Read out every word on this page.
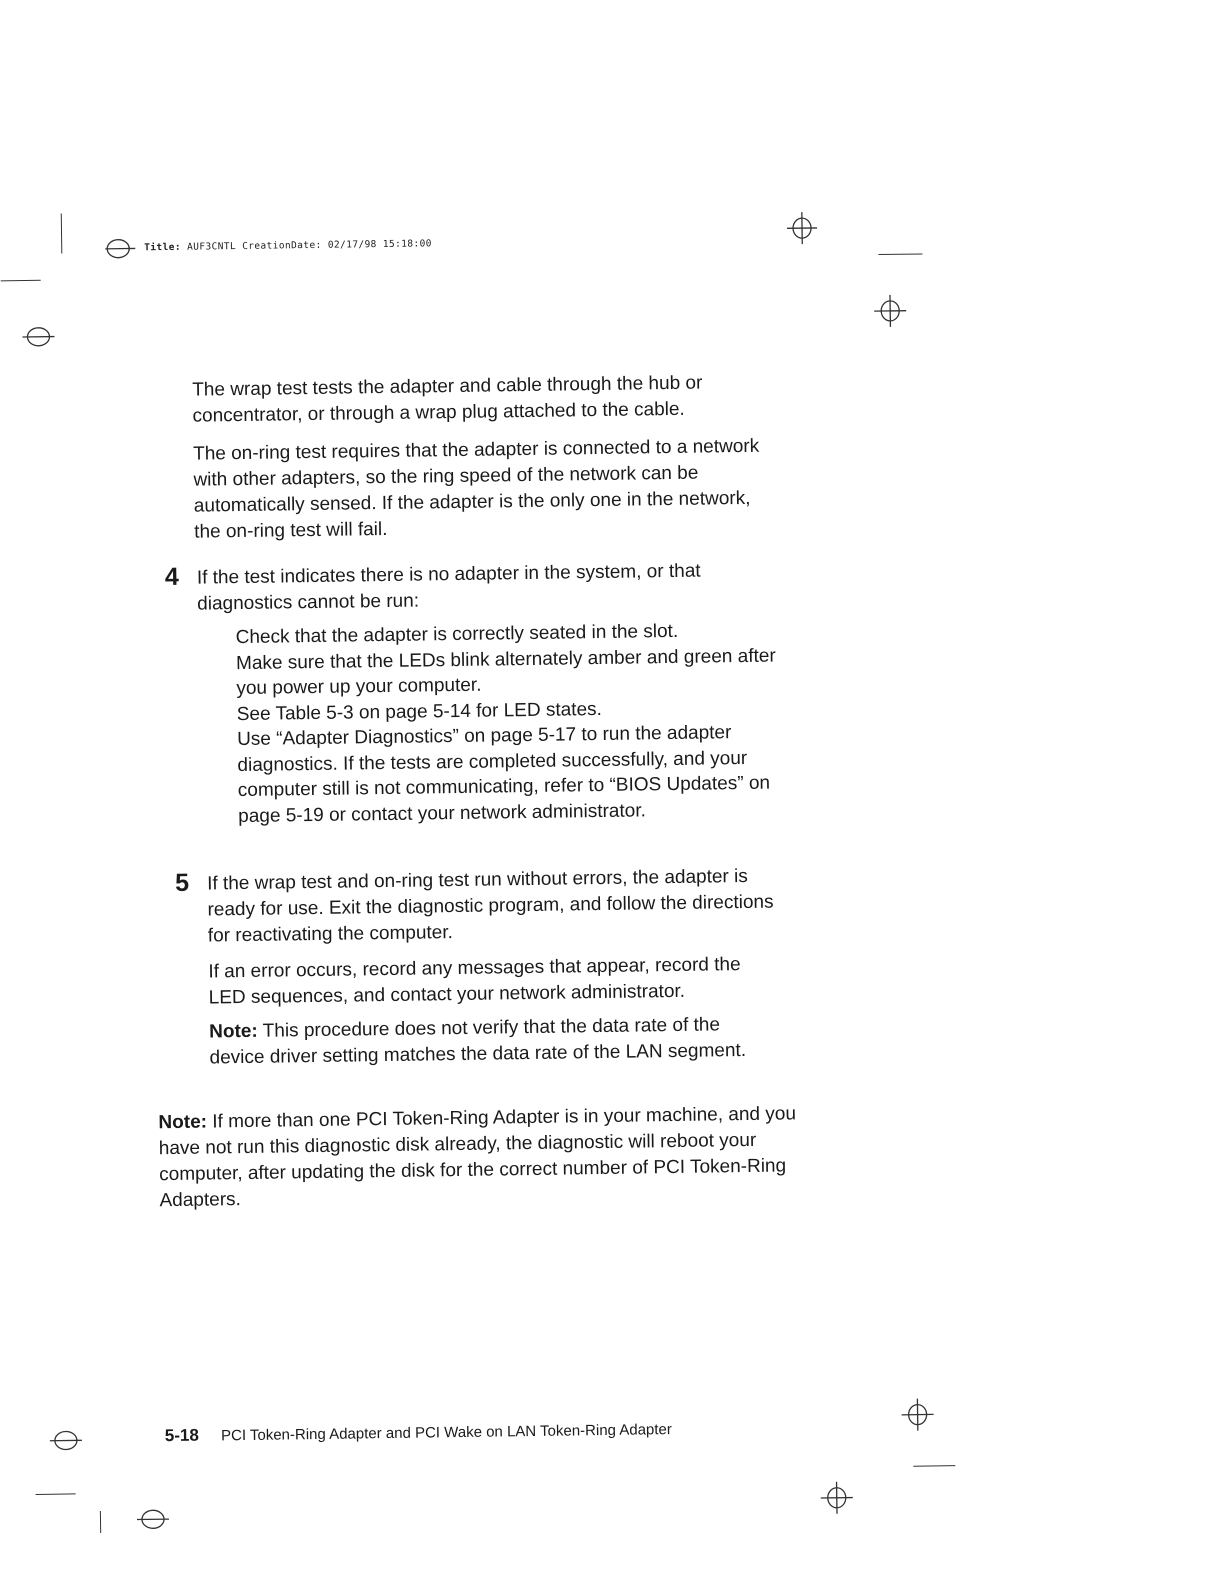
Title: AUF3CNTL CreationDate: 02/17/98 15:18:00

The wrap test tests the adapter and cable through the hub or concentrator, or through a wrap plug attached to the cable.

The on-ring test requires that the adapter is connected to a network with other adapters, so the ring speed of the network can be automatically sensed. If the adapter is the only one in the network, the on-ring test will fail.

4 If the test indicates there is no adapter in the system, or that diagnostics cannot be run:
Check that the adapter is correctly seated in the slot.
Make sure that the LEDs blink alternately amber and green after you power up your computer.
See Table 5-3 on page 5-14 for LED states.
Use “Adapter Diagnostics” on page 5-17 to run the adapter diagnostics. If the tests are completed successfully, and your computer still is not communicating, refer to “BIOS Updates” on page 5-19 or contact your network administrator.
5 If the wrap test and on-ring test run without errors, the adapter is ready for use. Exit the diagnostic program, and follow the directions for reactivating the computer.

If an error occurs, record any messages that appear, record the LED sequences, and contact your network administrator.

Note: This procedure does not verify that the data rate of the device driver setting matches the data rate of the LAN segment.

Note: If more than one PCI Token-Ring Adapter is in your machine, and you have not run this diagnostic disk already, the diagnostic will reboot your computer, after updating the disk for the correct number of PCI Token-Ring Adapters.

5-18 PCI Token-Ring Adapter and PCI Wake on LAN Token-Ring Adapter
